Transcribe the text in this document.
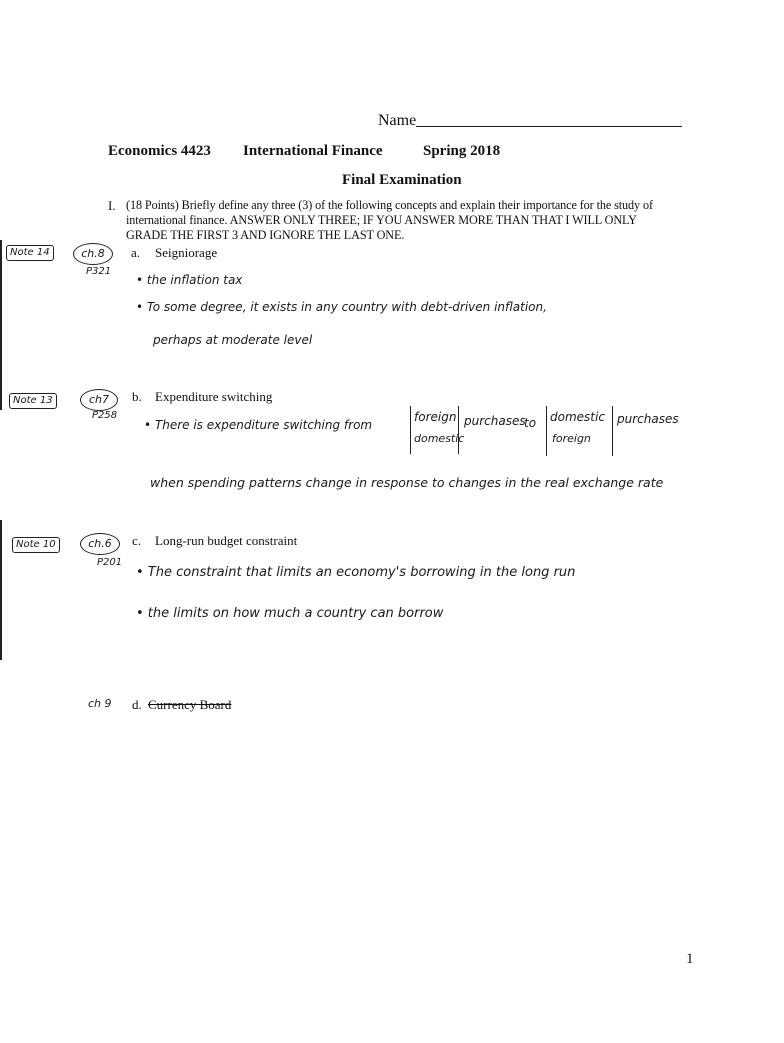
Name
Economics 4423 International Finance	Spring 2018
Final Examination
I. (18 Points) Briefly define any three (3) of the following concepts and explain their importance for the study of
international finance. ANSWER ONLY THREE; IF YOU ANSWER MORE THAN THAT I WILL ONLY
GRADE THE FIRST 3 AND IGNORE THE LAST ONE.
Note 14	ch.8
P321
a. Seigniorage
• the inflation tax
• To some degree, it exists in any country with debt-driven inflation,
perhaps at moderate level
Note 13	ch7
P258
b. Expenditure switching
• There is expenditure switching from
foreign
domestic
purchases
to domestic
foreign
purchases
when spending patterns change in response to changes in the real exchange rate
Note 10	ch.6
P201
c. Long-run budget constraint
• The constraint that limits an economy's borrowing in the long run
• the limits on how much a country can borrow
ch 9 d. Currency Board
1
